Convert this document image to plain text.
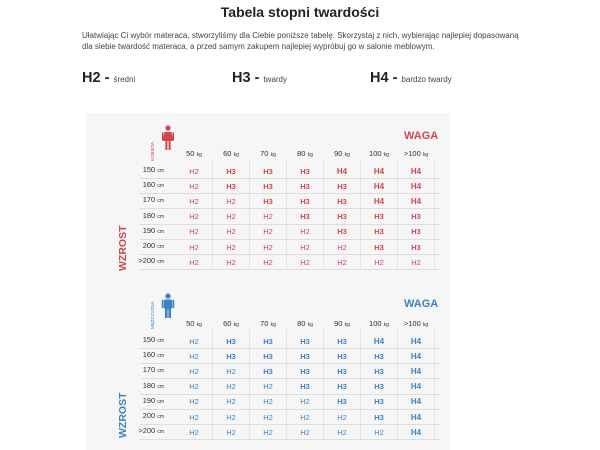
Tabela stopni twardości
Ułatwiając Ci wybór materaca, stworzyliśmy dla Ciebie poniższe tabelę. Skorzystaj z nich, wybierając najlepiej dopasowaną dla siebie twardość materaca, a przed samym zakupem najlepiej wypróbuj go w salonie meblowym.
H2 - średni	H3 - twardy	H4 - bardzo twardy
KOBIETA
WAGA
WZROST
50 kg	60 kg	70 kg	80 kg	90 kg	100 kg	>100 kg
150 cm	H2	H3	H3	H3	H4	H4	H4
160 cm	H2	H3	H3	H3	H3	H4	H4
170 cm	H2	H2	H3	H3	H3	H4	H4
180 cm	H2	H2	H2	H3	H3	H3	H3
190 cm	H2	H2	H2	H2	H3	H3	H3
200 cm	H2	H2	H2	H2	H2	H3	H3
>200 cm	H2	H2	H2	H2	H2	H2	H2
MĘŻCZYZNA	WAGA
WZROST
50 kg	60 kg	70 kg	80 kg	90 kg	100 kg	>100 kg
150 cm	H2	H3	H3	H3	H3	H4	H4
160 cm	H2	H3	H3	H3	H3	H3	H4
170 cm	H2	H2	H3	H3	H3	H3	H4
180 cm	H2	H2	H2	H3	H3	H3	H4
190 cm	H2	H2	H2	H2	H3	H3	H4
200 cm	H2	H2	H2	H2	H2	H3	H4
>200 cm	H2	H2	H2	H2	H2	H2	H4
